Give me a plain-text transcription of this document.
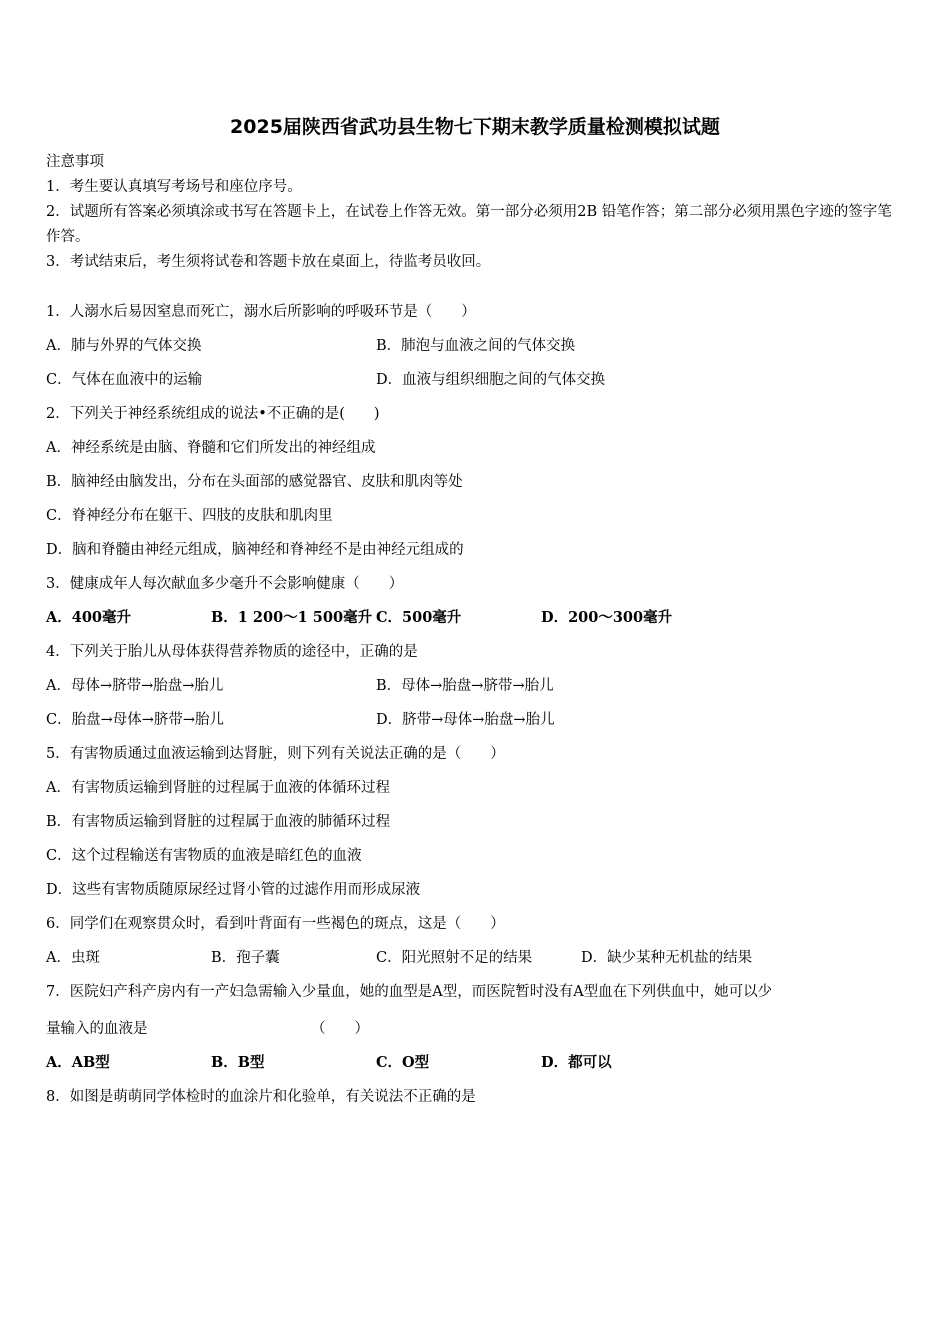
2025届陕西省武功县生物七下期末教学质量检测模拟试题
注意事项
1．考生要认真填写考场号和座位序号。
2．试题所有答案必须填涂或书写在答题卡上，在试卷上作答无效。第一部分必须用2B 铅笔作答；第二部分必须用黑色字迹的签字笔作答。
3．考试结束后，考生须将试卷和答题卡放在桌面上，待监考员收回。
1．人溺水后易因窒息而死亡，溺水后所影响的呼吸环节是（　　）
A．肺与外界的气体交换	B．肺泡与血液之间的气体交换
C．气体在血液中的运输	D．血液与组织细胞之间的气体交换
2．下列关于神经系统组成的说法•不正确的是(　　)
A．神经系统是由脑、脊髓和它们所发出的神经组成
B．脑神经由脑发出，分布在头面部的感觉器官、皮肤和肌肉等处
C．脊神经分布在躯干、四肢的皮肤和肌肉里
D．脑和脊髓由神经元组成，脑神经和脊神经不是由神经元组成的
3．健康成年人每次献血多少毫升不会影响健康（　　）
A．400毫升	B．1 200～1 500毫升 C．500毫升	D．200～300毫升
4．下列关于胎儿从母体获得营养物质的途径中，正确的是
A．母体→脐带→胎盘→胎儿	B．母体→胎盘→脐带→胎儿
C．胎盘→母体→脐带→胎儿	D．脐带→母体→胎盘→胎儿
5．有害物质通过血液运输到达肾脏，则下列有关说法正确的是（　　）
A．有害物质运输到肾脏的过程属于血液的体循环过程
B．有害物质运输到肾脏的过程属于血液的肺循环过程
C．这个过程输送有害物质的血液是暗红色的血液
D．这些有害物质随原尿经过肾小管的过滤作用而形成尿液
6．同学们在观察贯众时，看到叶背面有一些褐色的斑点，这是（　　）
A．虫斑	B．孢子囊	C．阳光照射不足的结果	D．缺少某种无机盐的结果
7．医院妇产科产房内有一产妇急需输入少量血，她的血型是A型，而医院暂时没有A型血在下列供血中，她可以少
量输入的血液是	（　　）
A．AB型	B．B型	C．O型	D．都可以
8．如图是萌萌同学体检时的血涂片和化验单，有关说法不正确的是
